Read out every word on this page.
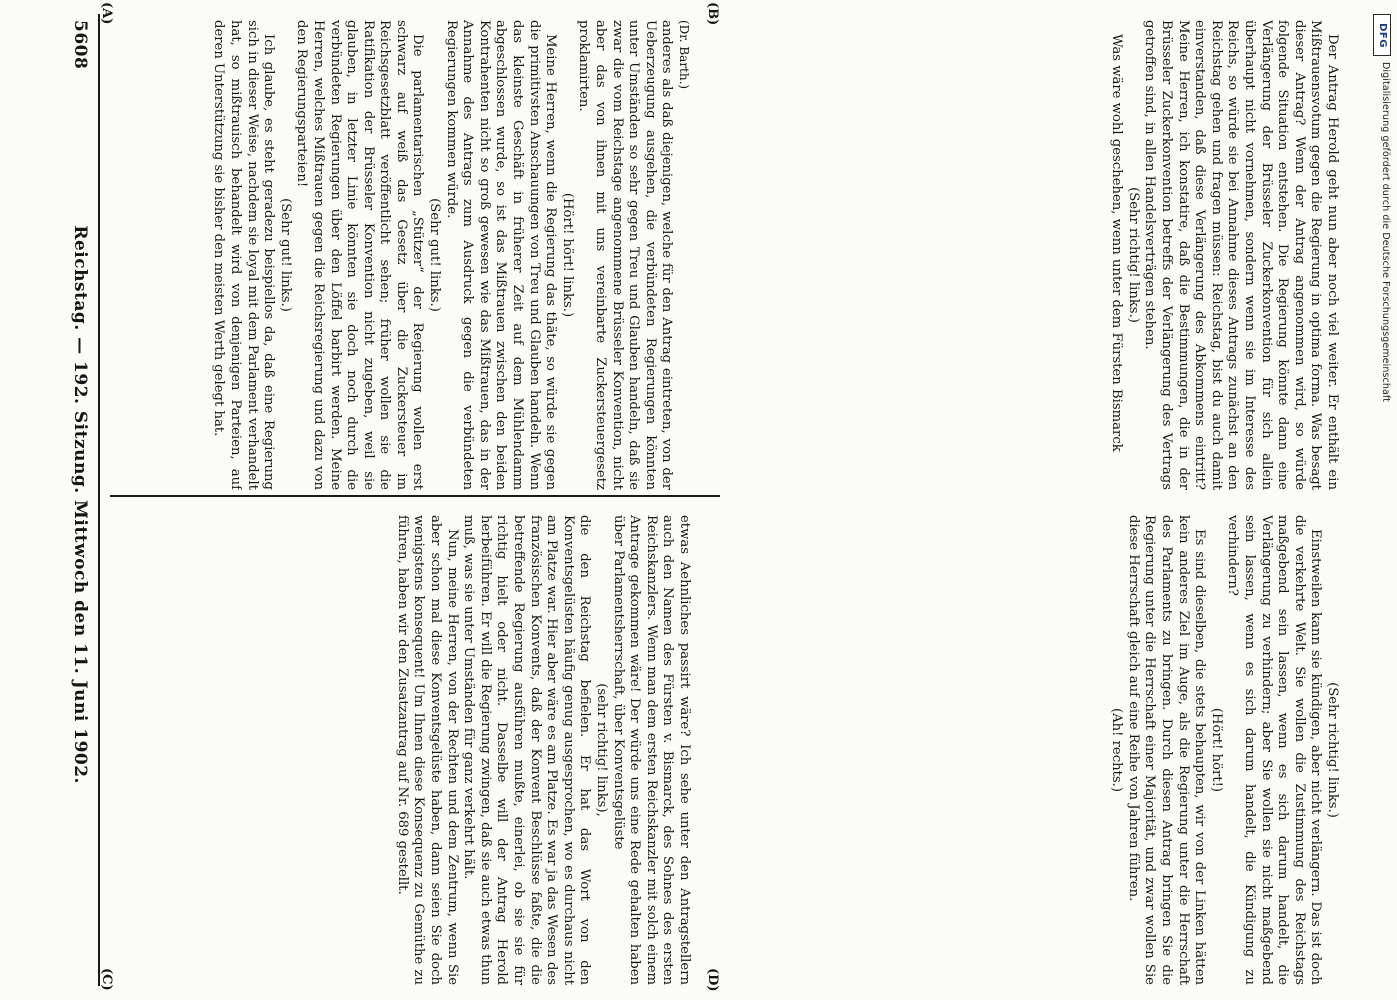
5608
Reichstag. — 192. Sitzung. Mittwoch den 11. Juni 1902.

(Dr. Barth.)

anderes als daß diejenigen, welche für den Antrag eintreten, von der Ueberzeugung ausgehen, die verbündeten Regierungen könnten unter Umständen so sehr gegen Treu und Glauben handeln, daß sie zwar die vom Reichstage angenommene Brüsseler Konvention, nicht aber das von ihnen mit uns vereinbarte Zuckersteuergesetz proklamirten.

(Hört! hört! links.)

Meine Herren, wenn die Regierung das thäte, so würde sie gegen die primitivsten Anschauungen von Treu und Glauben handeln. Wenn das kleinste Geschäft in früherer Zeit auf dem Mühlendamm abgeschlossen wurde, so ist das Mißtrauen zwischen den beiden Kontrahenten nicht so groß gewesen wie das Mißtrauen, das in der Annahme des Antrags zum Ausdruck gegen die verbündeten Regierungen kommen würde.

(Sehr gut! links.)

Die parlamentarischen „Stützer“ der Regierung wollen erst schwarz auf weiß das Gesetz über die Zuckersteuer im Reichsgesetzblatt veröffentlicht sehen; früher wollen sie die Ratifikation der Brüsseler Konvention nicht zugeben, weil sie glauben, in letzter Linie könnten sie doch noch durch die verbündeten Regierungen über den Löffel barbirt werden. Meine Herren, welches Mißtrauen gegen die Reichsregierung und dazu von den Regierungsparteien!

(Sehr gut! links.)

Ich glaube, es steht geradezu beispiellos da, daß eine Regierung sich in dieser Weise, nachdem sie loyal mit dem Parlament verhandelt hat, so mißtrauisch behandelt wird von denjenigen Parteien, auf deren Unterstützung sie bisher den meisten Werth gelegt hat.	Der Antrag Herold geht nun aber noch viel weiter. Er enthält ein Mißtrauensvotum gegen die Regierung in optima forma. Was besagt dieser Antrag? Wenn der Antrag angenommen wird, so würde folgende Situation entstehen. Die Regierung könnte dann eine Verlängerung der Brüsseler Zuckerkonvention für sich allein überhaupt nicht vornehmen, sondern wenn sie im Interesse des Reichs, so würde sie bei Annahme dieses Antrags zunächst an den Reichstag gehen und fragen müssen: Reichstag, bist du auch damit einverstanden, daß diese Verlängerung des Abkommens eintritt? Meine Herren, ich konstatire, daß die Bestimmungen, die in der Brüsseler Zuckerkonvention betreffs der Verlängerung des Vertrags getroffen sind, in allen Handelsverträgen stehen.

(Sehr richtig! links.)

Was wäre wohl geschehen, wenn unter dem Fürsten Bismarck

etwas Aehnliches passirt wäre? Ich sehe unter den Antragstellern auch den Namen des Fürsten v. Bismarck, des Sohnes des ersten Reichskanzlers. Wenn man dem ersten Reichskanzler mit solch einem Antrage gekommen wäre! Der würde uns eine Rede gehalten haben über Parlamentsherrschaft, über Konventsgelüste

(sehr richtig! links),

die den Reichstag befielen. Er hat das Wort von den Konventsgelüsten häufig genug ausgesprochen, wo es durchaus nicht am Platze war. Hier aber wäre es am Platze. Es war ja das Wesen des französischen Konvents, daß der Konvent Beschlüsse faßte, die die betreffende Regierung ausführen mußte, einerlei, ob sie sie für richtig hielt oder nicht. Dasselbe will der Antrag Herold herbeiführen. Er will die Regierung zwingen, daß sie auch etwas thun muß, was sie unter Umständen für ganz verkehrt hält.

Nun, meine Herren, von der Rechten und dem Zentrum, wenn Sie aber schon mal diese Konventsgelüste haben, dann seien Sie doch wenigstens konsequent! Um Ihnen diese Konsequenz zu Gemüthe zu führen, haben wir den Zusatzantrag auf Nr. 689 gestellt.	(Sehr richtig! links.)

Einstweilen kann sie kündigen, aber nicht verlängern. Das ist doch die verkehrte Welt. Sie wollen die Zustimmung des Reichstags maßgebend sein lassen, wenn es sich darum handelt, die Verlängerung zu verhindern; aber Sie wollen sie nicht maßgebend sein lassen, wenn es sich darum handelt, die Kündigung zu verhindern?

(Hört! hört!)

Es sind dieselben, die stets behaupten, wir von der Linken hätten kein anderes Ziel im Auge, als die Regierung unter die Herrschaft des Parlaments zu bringen. Durch diesen Antrag bringen Sie die Regierung unter die Herrschaft einer Majorität, und zwar wollen Sie diese Herrschaft gleich auf eine Reihe von Jahren führen.

(Ah! rechts.)
(A)	(B)
(C)	(D)
DFG
Digitalisierung gefördert durch die Deutsche Forschungsgemeinschaft
